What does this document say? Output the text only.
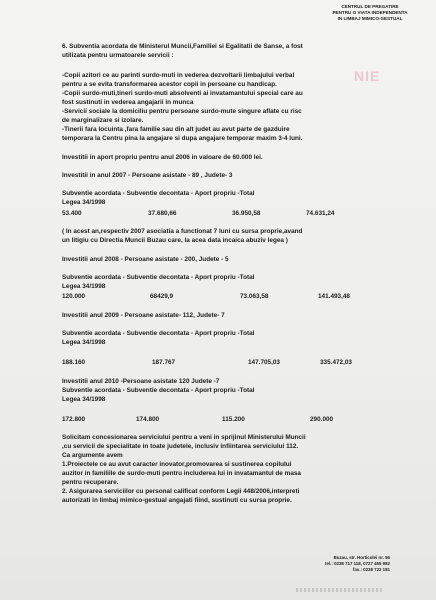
CENTRUL DE PREGATIRE
PENTRU O VIATA INDEPENDENTA
IN LIMBAJ MIMICO-GESTUAL
NIE
6. Subventia acordata de Ministerul Muncii,Familiei si Egalitatii de Sanse, a fost
utilizata pentru urmatoarele servicii :
-Copii azitori ce au parinti surdo-muti in vederea dezvoltarii limbajului verbal
pentru a se evita transformarea acestor copii in persoane cu handicap.
-Copii surdo-muti,tineri surdo-muti absolventi ai invatamantului special care au
fost sustinuti in vederea angajarii in munca
-Servicii sociale la domiciliu pentru persoane surdo-mute singure aflate cu risc
de marginalizare si izolare.
-Tinerii fara locuinta ,fara familie sau din alt judet au avut parte de gazduire
temporara la Centru pina la angajare si dupa angajare temporar maxim 3-4 luni.
Investitii in aport propriu pentru anul 2006 in valoare de 60.000 lei.
Investitii in anul 2007 - Persoane asistate - 89 , Judete- 3
Subventie acordata - Subventie decontata - Aport propriu -Total
Legea 34/1998
53.400	37.680,66	36.950,58	74.631,24
( In acest an,respectiv 2007 asociatia a functionat 7 luni cu sursa proprie,avand
un litigiu cu Directia Muncii Buzau care, la acea data incaica abuziv legea )
Investitii anul 2008 - Persoane asistate - 200, Judete - 5
Subventie acordata - Subventie decontata - Aport propriu -Total
Legea 34/1998
120.000	68429,9	73.063,58	141.493,48
Investitii anul 2009 - Persoane asistate- 112, Judete- 7
Subventie acordata - Subventie decontata - Aport propriu -Total
Legea 34/1998
188.160	187.767	147.705,03	335.472,03
Investitii anul 2010 -Persoane asistate 120 Judete -7
Subventie acordata - Subventie decontata - Aport propriu -Total
Legea 34/1998
172.800	174.800	115.200	290.000
Solicitam concesionarea serviciului pentru a veni in sprijinul Ministerului Muncii
,cu servicii de specialitate in toate judetele, inclusiv infiintarea serviciului 112.
Ca argumente avem
1.Proiectele ce au avut caracter inovator,promovarea si sustinerea copilului
auzitor in familiile de surdo-muti pentru includerea lui in invatamantul de masa
pentru recuperare.
2. Asigurarea serviciilor cu personal calificat conform Legii 448/2006,interpreti
autorizati in limbaj mimico-gestual angajati fiind, sustinuti cu sursa proprie.
Buzau, str. Horticolei nr. 56
tel.: 0238 717 118, 0727 465 982
fax.: 0238 722 181
